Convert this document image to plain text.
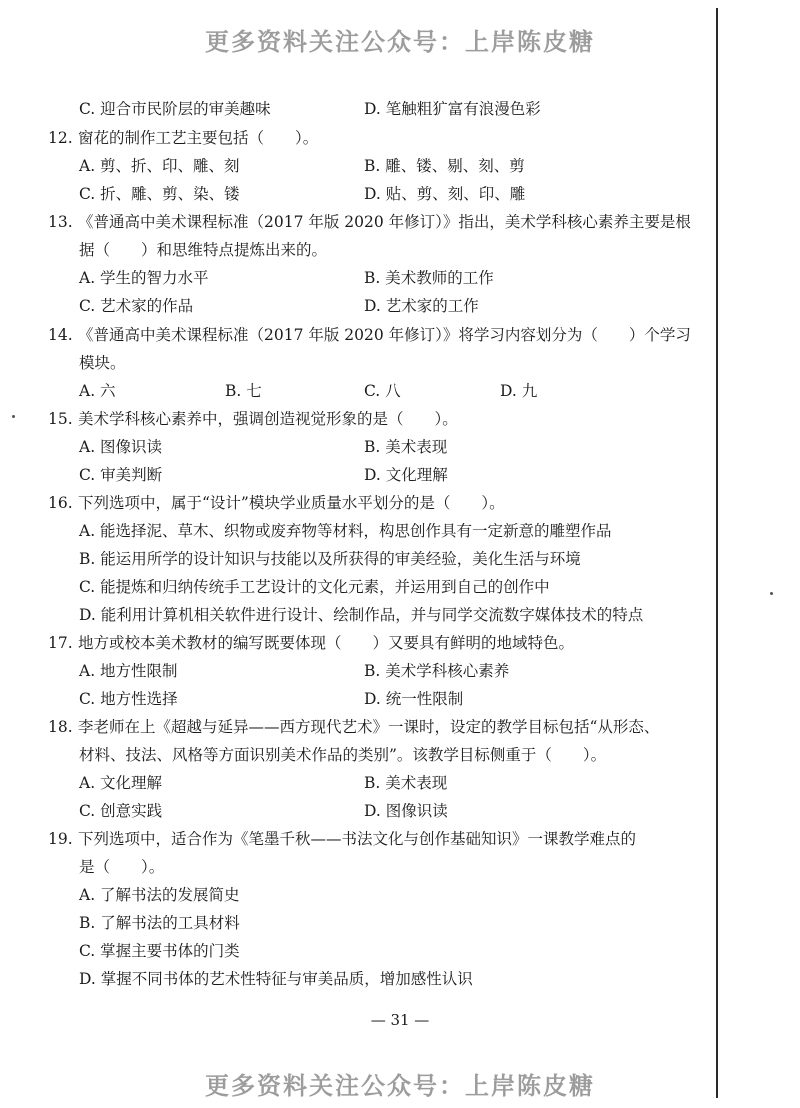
更多资料关注公众号：上岸陈皮糖
C. 迎合市民阶层的审美趣味	D. 笔触粗犷富有浪漫色彩
12. 窗花的制作工艺主要包括（　　）。
A. 剪、折、印、雕、刻	B. 雕、镂、剔、刻、剪
C. 折、雕、剪、染、镂	D. 贴、剪、刻、印、雕
13. 《普通高中美术课程标准（2017 年版 2020 年修订）》指出，美术学科核心素养主要是根
据（　　）和思维特点提炼出来的。
A. 学生的智力水平	B. 美术教师的工作
C. 艺术家的作品	D. 艺术家的工作
14. 《普通高中美术课程标准（2017 年版 2020 年修订）》将学习内容划分为（　　）个学习
模块。
A. 六	B. 七	C. 八	D. 九
15. 美术学科核心素养中，强调创造视觉形象的是（　　）。
A. 图像识读	B. 美术表现
C. 审美判断	D. 文化理解
16. 下列选项中，属于“设计”模块学业质量水平划分的是（　　）。
A. 能选择泥、草木、织物或废弃物等材料，构思创作具有一定新意的雕塑作品
B. 能运用所学的设计知识与技能以及所获得的审美经验，美化生活与环境
C. 能提炼和归纳传统手工艺设计的文化元素，并运用到自己的创作中
D. 能利用计算机相关软件进行设计、绘制作品，并与同学交流数字媒体技术的特点
17. 地方或校本美术教材的编写既要体现（　　）又要具有鲜明的地域特色。
A. 地方性限制	B. 美术学科核心素养
C. 地方性选择	D. 统一性限制
18. 李老师在上《超越与延异——西方现代艺术》一课时，设定的教学目标包括“从形态、
材料、技法、风格等方面识别美术作品的类别”。该教学目标侧重于（　　）。
A. 文化理解	B. 美术表现
C. 创意实践	D. 图像识读
19. 下列选项中，适合作为《笔墨千秋——书法文化与创作基础知识》一课教学难点的
是（　　）。
A. 了解书法的发展简史
B. 了解书法的工具材料
C. 掌握主要书体的门类
D. 掌握不同书体的艺术性特征与审美品质，增加感性认识
— 31 —
更多资料关注公众号：上岸陈皮糖
